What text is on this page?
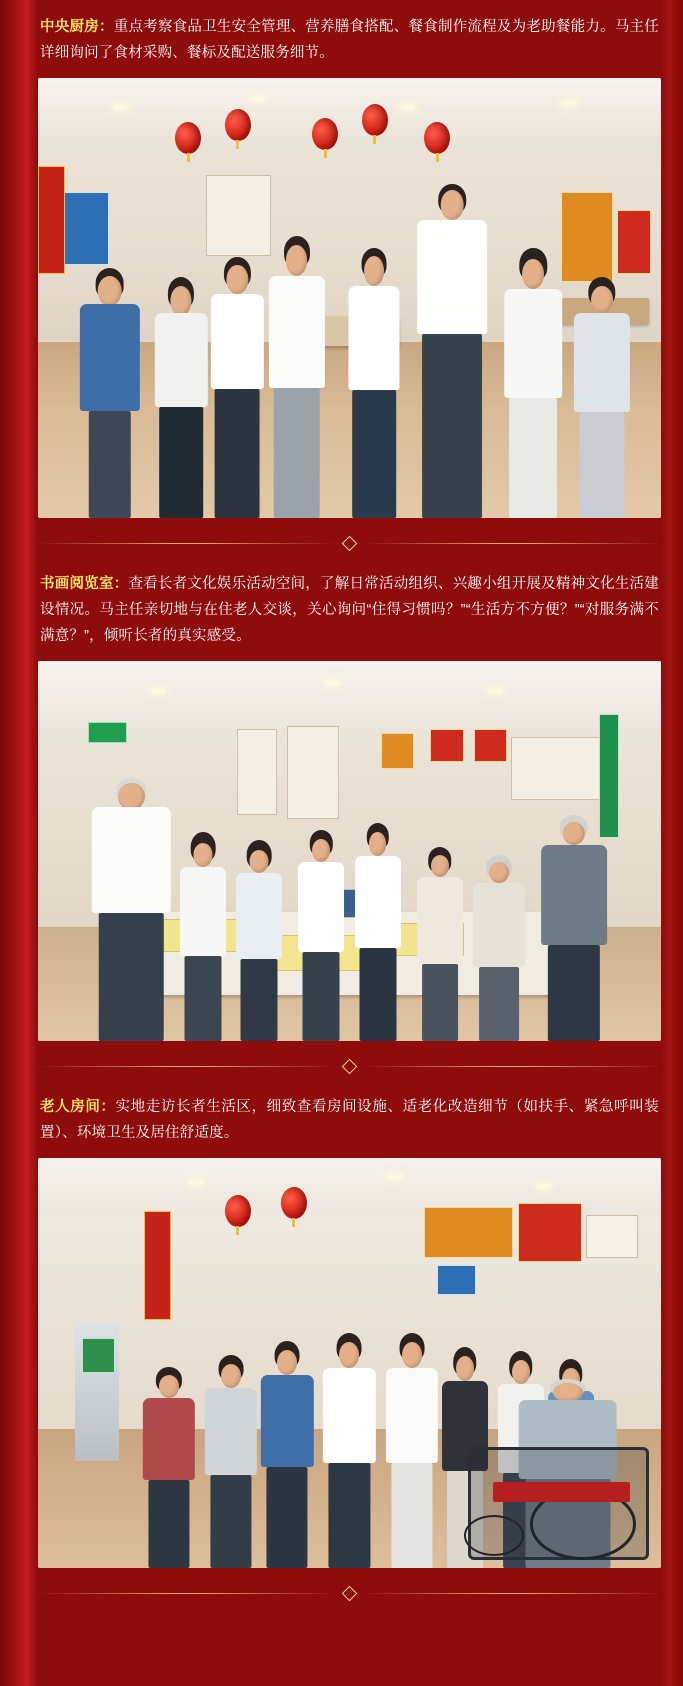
中央厨房：重点考察食品卫生安全管理、营养膳食搭配、餐食制作流程及为老助餐能力。马主任详细询问了食材采购、餐标及配送服务细节。

书画阅览室：查看长者文化娱乐活动空间，了解日常活动组织、兴趣小组开展及精神文化生活建设情况。马主任亲切地与在住老人交谈，关心询问“住得习惯吗？”“生活方不方便？”“对服务满不满意？”，倾听长者的真实感受。

老人房间：实地走访长者生活区，细致查看房间设施、适老化改造细节（如扶手、紧急呼叫装置）、环境卫生及居住舒适度。
